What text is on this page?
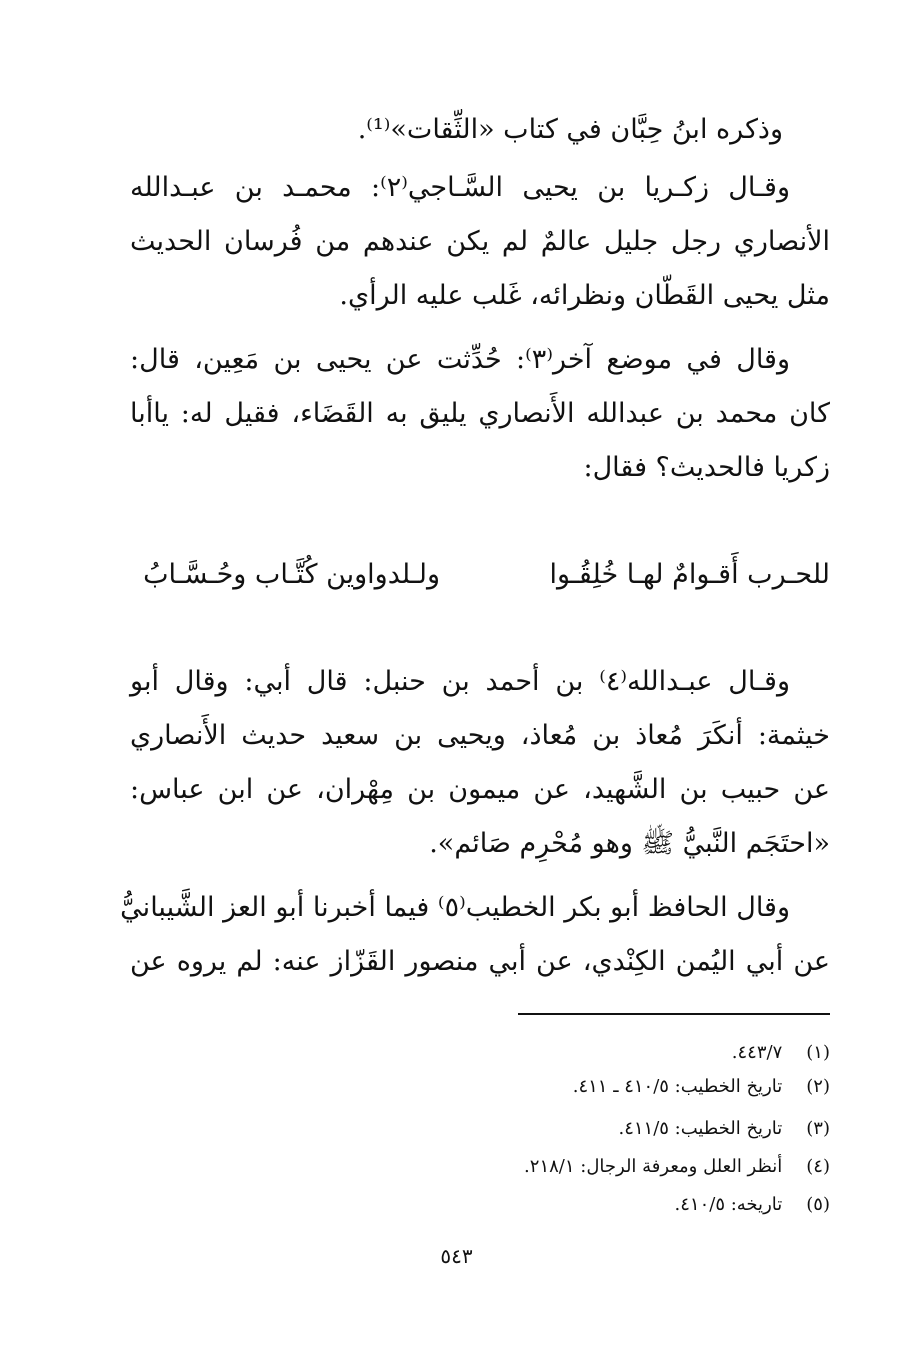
وذكره ابنُ حِبَّان في كتاب «الثِّقات»⁽¹⁾.
وقـال زكـريا بن يحيى السَّـاجي⁽٢⁾: محمـد بن عبـدالله
الأنصاري رجل جليل عالمٌ لم يكن عندهم من فُرسان الحديث
مثل يحيى القَطّان ونظرائه، غَلب عليه الرأي.
وقال في موضع آخر⁽٣⁾: حُدِّثت عن يحيى بن مَعِين، قال:
كان محمد بن عبدالله الأَنصاري يليق به القَضَاء، فقيل له: ياأبا
زكريا فالحديث؟ فقال:
للحـرب أَقـوامٌ لهـا خُلِقُـوا
ولـلدواوين كُتَّـاب وحُـسَّـابُ
وقـال عبـدالله⁽٤⁾ بن أحمد بن حنبل: قال أبي: وقال أبو
خيثمة: أنكَرَ مُعاذ بن مُعاذ، ويحيى بن سعيد حديث الأَنصاري
عن حبيب بن الشَّهيد، عن ميمون بن مِهْران، عن ابن عباس:
«احتَجَم النَّبيُّ ﷺ وهو مُحْرِم صَائم».
وقال الحافظ أبو بكر الخطيب⁽٥⁾ فيما أخبرنا أبو العز الشَّيبانيُّ
عن أبي اليُمن الكِنْدي، عن أبي منصور القَزّاز عنه: لم يروه عن
(١) ٤٤٣/٧.
(٢) تاريخ الخطيب: ٤١٠/٥ ـ ٤١١.
(٣) تاريخ الخطيب: ٤١١/٥.
(٤) أنظر العلل ومعرفة الرجال: ٢١٨/١.
(٥) تاريخه: ٤١٠/٥.
٥٤٣
